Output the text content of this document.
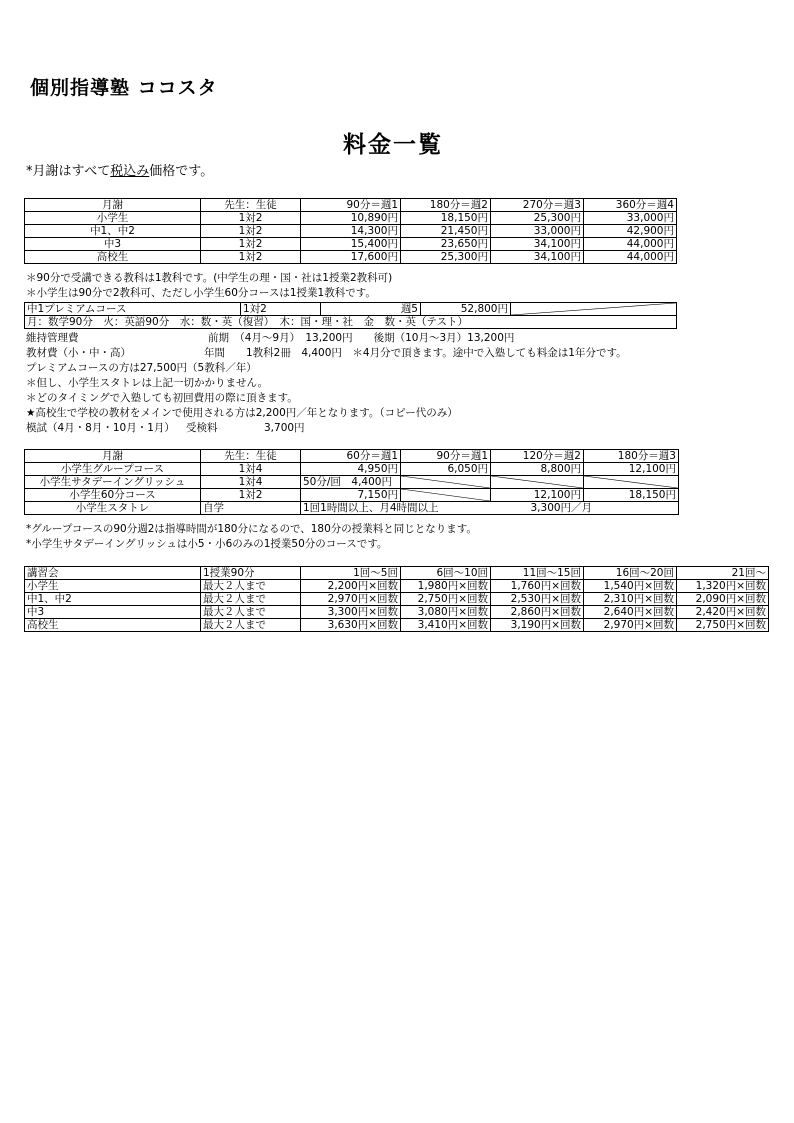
個別指導塾 ココスタ
料金一覧
*月謝はすべて税込み価格です。
月謝	先生：生徒	90分＝週1	180分＝週2	270分＝週3	360分＝週4
小学生	1対2	10,890円	18,150円	25,300円	33,000円
中1、中2	1対2	14,300円	21,450円	33,000円	42,900円
中3	1対2	15,400円	23,650円	34,100円	44,000円
高校生	1対2	17,600円	25,300円	34,100円	44,000円
＊90分で受講できる教科は1教科です。(中学生の理・国・社は1授業2教科可)
＊小学生は90分で2教科可、ただし小学生60分コースは1授業1教科です。
中1プレミアムコース	1対2	週5	52,800円	

月：数学90分　火：英語90分　水：数・英（復習）　木：国・理・社　金　数・英（テスト）
維持管理費	前期　（4月～9月）　13,200円　　後期（10月～3月）13,200円
教材費（小・中・高）	年間　　1教科2冊　4,400円　＊4月分で頂きます。途中で入塾しても料金は1年分です。
プレミアムコースの方は27,500円（5教科／年）
＊但し、小学生スタトレは上記一切かかりません。
＊どのタイミングで入塾しても初回費用の際に頂きます。
★高校生で学校の教材をメインで使用される方は2,200円／年となります。（コピー代のみ）
模試（4月・8月・10月・1月） 受検料	3,700円
月謝	先生：生徒	60分＝週1	90分＝週1	120分＝週2	180分＝週3
小学生グループコース	1対4	4,950円	6,050円	8,800円	12,100円
小学生サタデーイングリッシュ	1対4	50分/回　4,400円	

小学生60分コース	1対2	7,150円		12,100円	18,150円
小学生スタトレ	自学	1回1時間以上、月4時間以上		3,300円／月	
*グループコースの90分週2は指導時間が180分になるので、180分の授業料と同じとなります。
*小学生サタデーイングリッシュは小5・小6のみの1授業50分のコースです。
講習会	1授業90分	1回～5回	6回～10回	11回～15回	16回～20回	21回～
小学生	最大２人まで	2,200円×回数	1,980円×回数	1,760円×回数	1,540円×回数	1,320円×回数
中1、中2	最大２人まで	2,970円×回数	2,750円×回数	2,530円×回数	2,310円×回数	2,090円×回数
中3	最大２人まで	3,300円×回数	3,080円×回数	2,860円×回数	2,640円×回数	2,420円×回数
高校生	最大２人まで	3,630円×回数	3,410円×回数	3,190円×回数	2,970円×回数	2,750円×回数
